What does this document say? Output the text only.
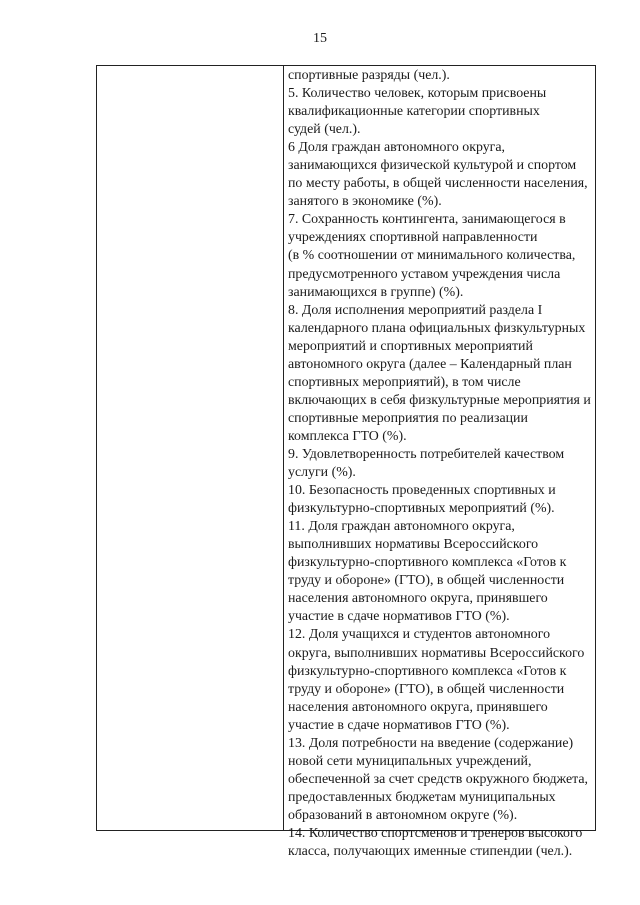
15
спортивные разряды (чел.).
5. Количество человек, которым присвоены
квалификационные категории спортивных
судей (чел.).
6 Доля граждан автономного округа,
занимающихся физической культурой и спортом
по месту работы, в общей численности населения,
занятого в экономике (%).
7. Сохранность контингента, занимающегося в
учреждениях спортивной направленности
(в % соотношении от минимального количества,
предусмотренного уставом учреждения числа
занимающихся в группе) (%).
8. Доля исполнения мероприятий раздела I
календарного плана официальных физкультурных
мероприятий и спортивных мероприятий
автономного округа (далее – Календарный план
спортивных мероприятий), в том числе
включающих в себя физкультурные мероприятия и
спортивные мероприятия по реализации
комплекса ГТО (%).
9. Удовлетворенность потребителей качеством
услуги (%).
10. Безопасность проведенных спортивных и
физкультурно-спортивных мероприятий (%).
11. Доля граждан автономного округа,
выполнивших нормативы Всероссийского
физкультурно-спортивного комплекса «Готов к
труду и обороне» (ГТО), в общей численности
населения автономного округа, принявшего
участие в сдаче нормативов ГТО (%).
12. Доля учащихся и студентов автономного
округа, выполнивших нормативы Всероссийского
физкультурно-спортивного комплекса «Готов к
труду и обороне» (ГТО), в общей численности
населения автономного округа, принявшего
участие в сдаче нормативов ГТО (%).
13. Доля потребности на введение (содержание)
новой сети муниципальных учреждений,
обеспеченной за счет средств окружного бюджета,
предоставленных бюджетам муниципальных
образований в автономном округе (%).
14. Количество спортсменов и тренеров высокого
класса, получающих именные стипендии (чел.).
